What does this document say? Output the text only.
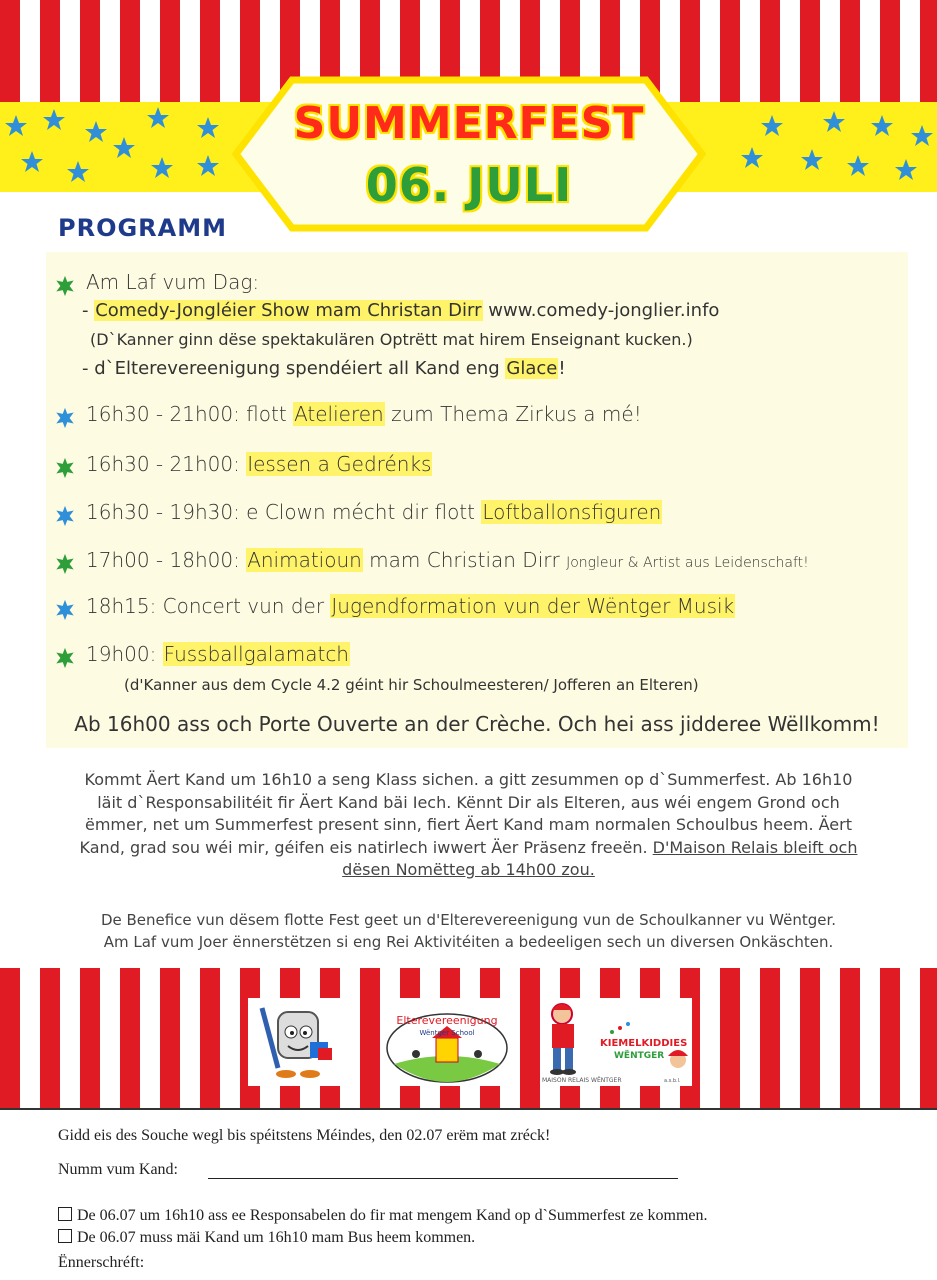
SUMMERFEST
06. JULI
PROGRAMM
Am Laf vum Dag:
- Comedy-Jongléier Show mam Christan Dirr www.comedy-jonglier.info
(D`Kanner ginn dëse spektakulären Optrëtt mat hirem Enseignant kucken.)
- d`Elterevereenigung spendéiert all Kand eng Glace!
16h30 - 21h00: flott Atelieren zum Thema Zirkus a mé!
16h30 - 21h00: Iessen a Gedrénks
16h30 - 19h30: e Clown mécht dir flott Loftballonsfiguren
17h00 - 18h00: Animatioun mam Christian Dirr Jongleur & Artist aus Leidenschaft!
18h15: Concert vun der Jugendformation vun der Wëntger Musik
19h00: Fussballgalamatch
(d'Kanner aus dem Cycle 4.2 géint hir Schoulmeesteren/ Jofferen an Elteren)
Ab 16h00 ass och Porte Ouverte an der Crèche. Och hei ass jidderee Wëllkomm!
Kommt Äert Kand um 16h10 a seng Klass sichen. a gitt zesummen op d`Summerfest. Ab 16h10
läit d`Responsabilitéit fir Äert Kand bäi Iech. Kënnt Dir als Elteren, aus wéi engem Grond och
ëmmer, net um Summerfest present sinn, fiert Äert Kand mam normalen Schoulbus heem. Äert
Kand, grad sou wéi mir, géifen eis natirlech iwwert Äer Präsenz freeën. D'Maison Relais bleift och
dësen Nomëtteg ab 14h00 zou.
De Benefice vun dësem flotte Fest geet un d'Elterevereenigung vun de Schoulkanner vu Wëntger.
Am Laf vum Joer ënnerstëtzen si eng Rei Aktivitéiten a bedeeligen sech un diversen Onkäschten.
Elterevereenigung
Wëntger School
KIEMELKIDDIES
WËNTGER
MAISON RELAIS WËNTGER	a.s.b.l.
Gidd eis des Souche wegl bis spéitstens Méindes, den 02.07 erëm mat zréck!
Numm vum Kand:
De 06.07 um 16h10 ass ee Responsabelen do fir mat mengem Kand op d`Summerfest ze kommen.
De 06.07 muss mäi Kand um 16h10 mam Bus heem kommen.
Ënnerschréft:
